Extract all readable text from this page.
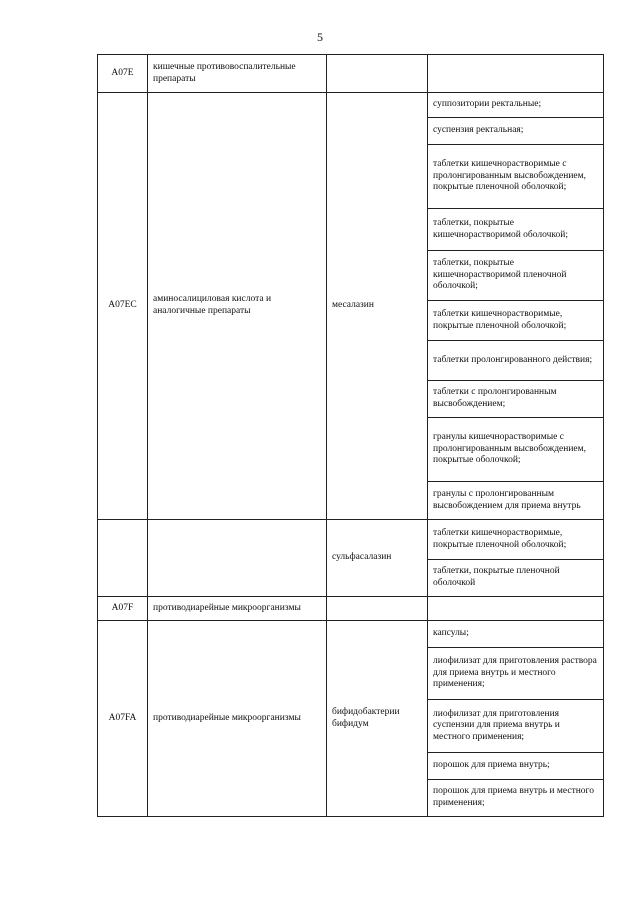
5
A07E	кишечные противовоспалительные препараты		
A07EC	аминосалициловая кислота и аналогичные препараты	месалазин	суппозитории ректальные;
			суспензия ректальная;
			таблетки кишечнорастворимые с пролонгированным высвобождением, покрытые пленочной оболочкой;
			таблетки, покрытые кишечнорастворимой оболочкой;
			таблетки, покрытые кишечнорастворимой пленочной оболочкой;
			таблетки кишечнорастворимые, покрытые пленочной оболочкой;
			таблетки пролонгированного действия;
			таблетки с пролонгированным высвобождением;
			гранулы кишечнорастворимые с пролонгированным высвобождением, покрытые оболочкой;
			гранулы с пролонгированным высвобождением для приема внутрь
		сульфасалазин	таблетки кишечнорастворимые, покрытые пленочной оболочкой;
			таблетки, покрытые пленочной оболочкой
A07F	противодиарейные микроорганизмы		
A07FA	противодиарейные микроорганизмы	бифидобактерии бифидум	капсулы;
			лиофилизат для приготовления раствора для приема внутрь и местного применения;
			лиофилизат для приготовления суспензии для приема внутрь и местного применения;
			порошок для приема внутрь;
			порошок для приема внутрь и местного применения;
